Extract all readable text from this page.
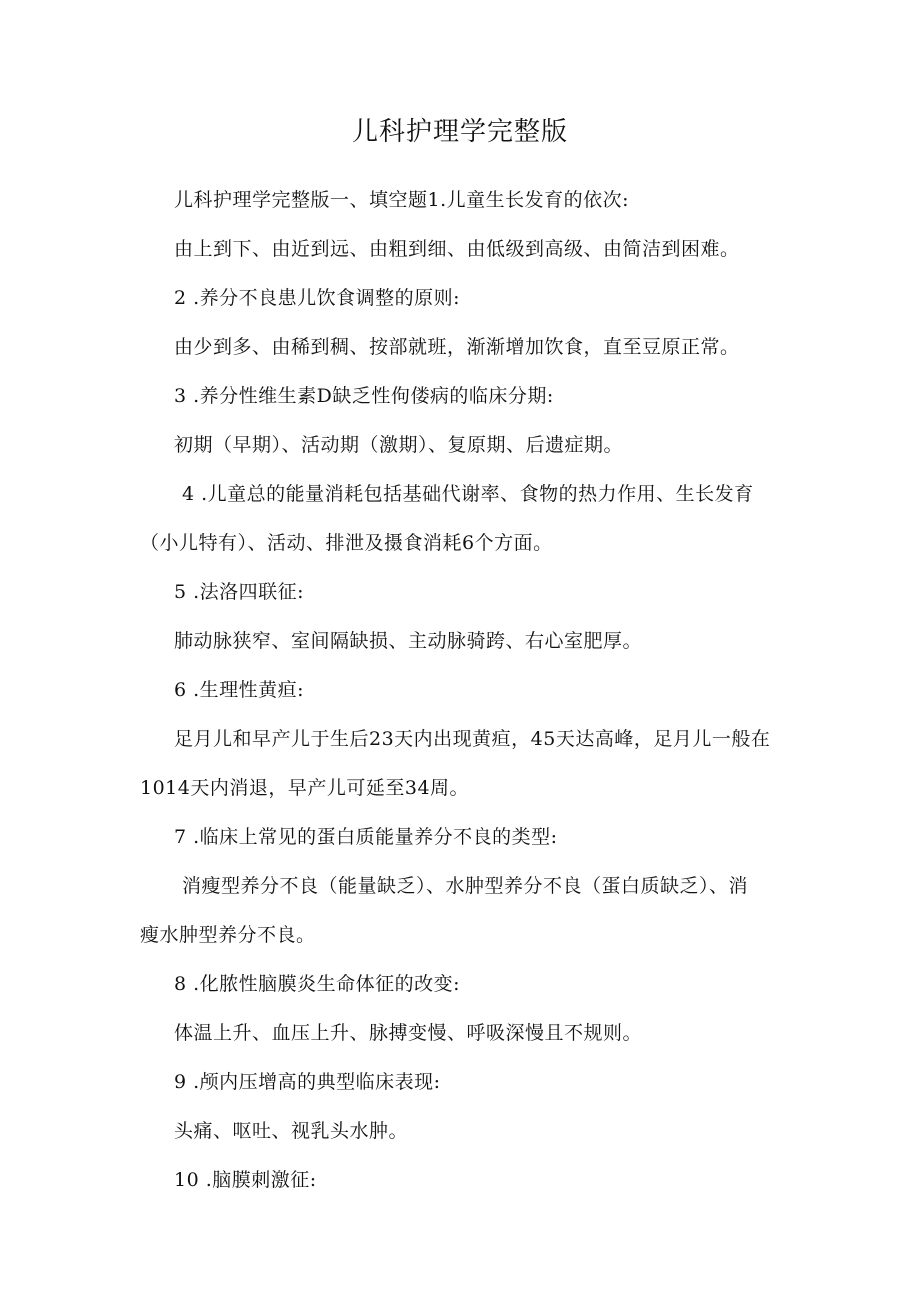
儿科护理学完整版
儿科护理学完整版一、填空题1.儿童生长发育的依次:
由上到下、由近到远、由粗到细、由低级到高级、由简洁到困难。
2 .养分不良患儿饮食调整的原则:
由少到多、由稀到稠、按部就班，渐渐增加饮食，直至豆原正常。
3 .养分性维生素D缺乏性佝偻病的临床分期:
初期（早期）、活动期（激期）、复原期、后遗症期。
4 .儿童总的能量消耗包括基础代谢率、食物的热力作用、生长发育
（小儿特有）、活动、排泄及摄食消耗6个方面。
5 .法洛四联征:
肺动脉狭窄、室间隔缺损、主动脉骑跨、右心室肥厚。
6 .生理性黄疸:
足月儿和早产儿于生后23天内出现黄疸，45天达高峰，足月儿一般在
1014天内消退，早产儿可延至34周。
7 .临床上常见的蛋白质能量养分不良的类型:
消瘦型养分不良（能量缺乏）、水肿型养分不良（蛋白质缺乏）、消
瘦水肿型养分不良。
8 .化脓性脑膜炎生命体征的改变:
体温上升、血压上升、脉搏变慢、呼吸深慢且不规则。
9 .颅内压增高的典型临床表现:
头痛、呕吐、视乳头水肿。
10 .脑膜刺激征:
